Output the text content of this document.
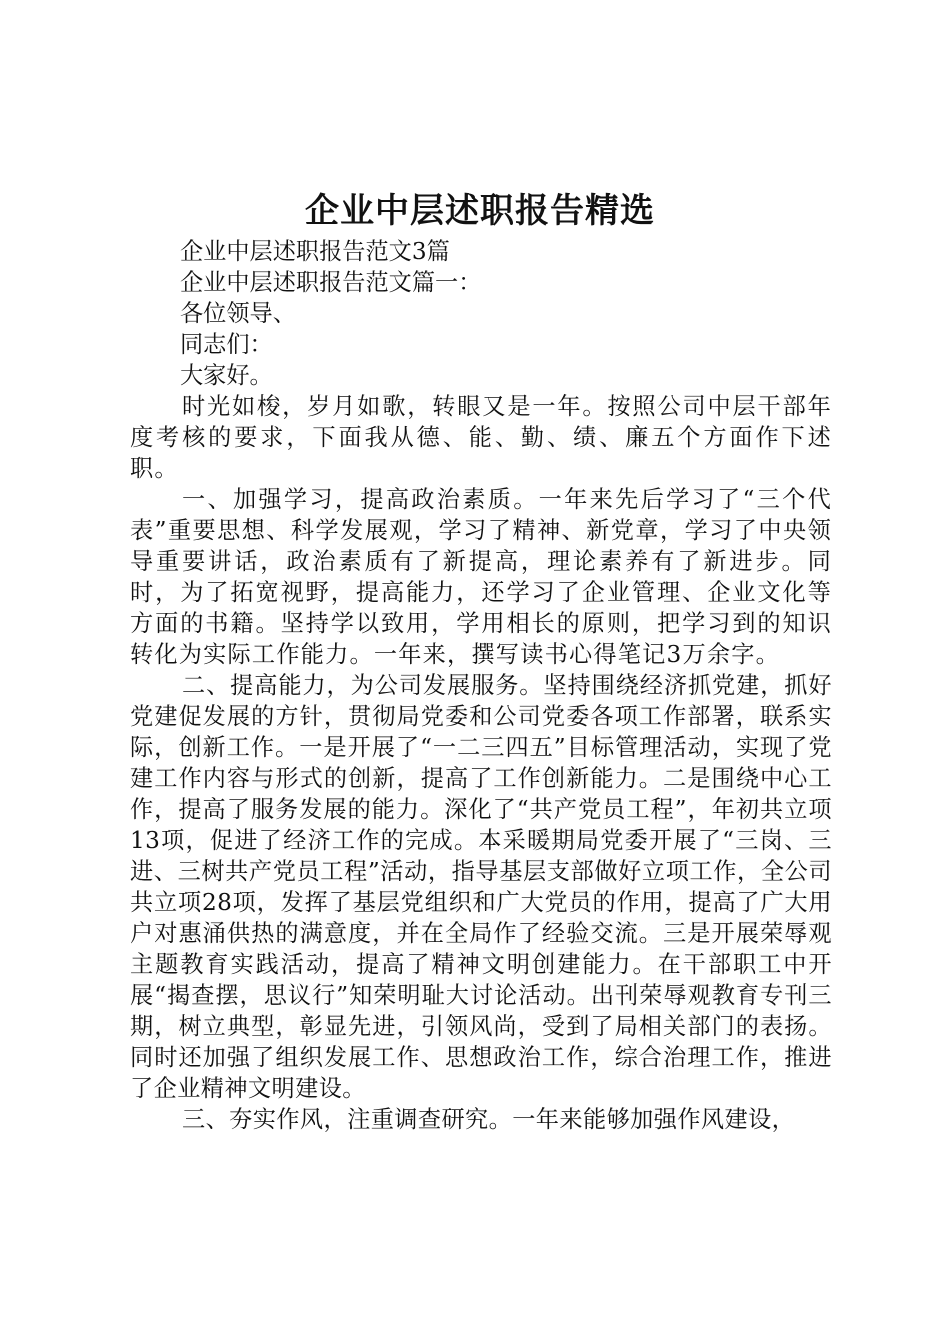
企业中层述职报告精选

企业中层述职报告范文3篇

企业中层述职报告范文篇一：

各位领导、

同志们：

大家好。

时光如梭，岁月如歌，转眼又是一年。按照公司中层干部年度考核的要求，下面我从德、能、勤、绩、廉五个方面作下述职。

一、加强学习，提高政治素质。一年来先后学习了“三个代表”重要思想、科学发展观，学习了精神、新党章，学习了中央领导重要讲话，政治素质有了新提高，理论素养有了新进步。同时，为了拓宽视野，提高能力，还学习了企业管理、企业文化等方面的书籍。坚持学以致用，学用相长的原则，把学习到的知识转化为实际工作能力。一年来，撰写读书心得笔记3万余字。

二、提高能力，为公司发展服务。坚持围绕经济抓党建，抓好党建促发展的方针，贯彻局党委和公司党委各项工作部署，联系实际，创新工作。一是开展了“一二三四五”目标管理活动，实现了党建工作内容与形式的创新，提高了工作创新能力。二是围绕中心工作，提高了服务发展的能力。深化了“共产党员工程”，年初共立项13项，促进了经济工作的完成。本采暖期局党委开展了“三岗、三进、三树共产党员工程”活动，指导基层支部做好立项工作，全公司共立项28项，发挥了基层党组织和广大党员的作用，提高了广大用户对惠涌供热的满意度，并在全局作了经验交流。三是开展荣辱观主题教育实践活动，提高了精神文明创建能力。在干部职工中开展“揭查摆，思议行”知荣明耻大讨论活动。出刊荣辱观教育专刊三期，树立典型，彰显先进，引领风尚，受到了局相关部门的表扬。同时还加强了组织发展工作、思想政治工作，综合治理工作，推进了企业精神文明建设。

三、夯实作风，注重调查研究。一年来能够加强作风建设，
